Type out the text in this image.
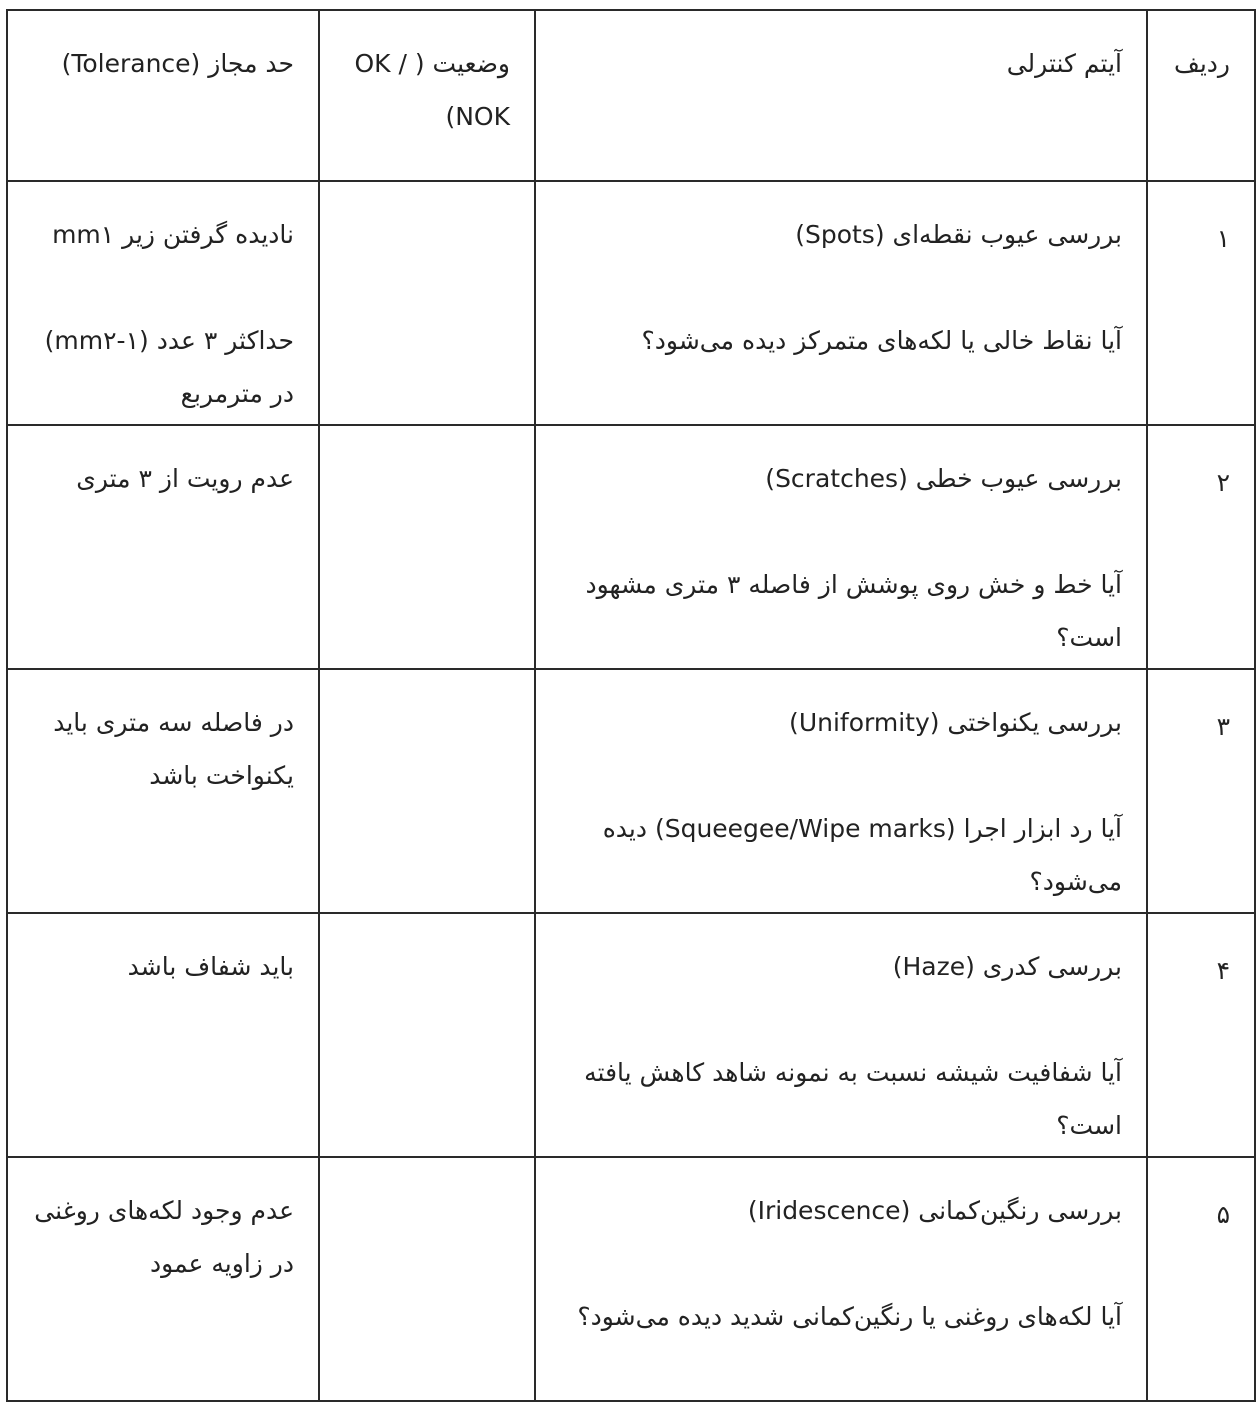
ردیف	آیتم کنترلی	وضعیت ( OK / NOK)	حد مجاز (Tolerance)
۱	بررسی عیوب نقطه‌ای (Spots)
آیا نقاط خالی یا لکه‌های متمرکز دیده می‌شود؟		نادیده گرفتن زیر mm۱
حداکثر ۳ عدد (۱-mm۲) در مترمربع

۲	بررسی عیوب خطی (Scratches)
آیا خط و خش روی پوشش از فاصله ۳ متری مشهود است؟		عدم رویت از ۳ متری

۳	بررسی یکنواختی (Uniformity)
آیا رد ابزار اجرا (Squeegee/Wipe marks) دیده می‌شود؟		در فاصله سه متری باید یکنواخت باشد

۴	بررسی کدری (Haze)
آیا شفافیت شیشه نسبت به نمونه شاهد کاهش یافته است؟		باید شفاف باشد

۵	بررسی رنگین‌کمانی (Iridescence)
آیا لکه‌های روغنی یا رنگین‌کمانی شدید دیده می‌شود؟		عدم وجود لکه‌های روغنی در زاویه عمود
